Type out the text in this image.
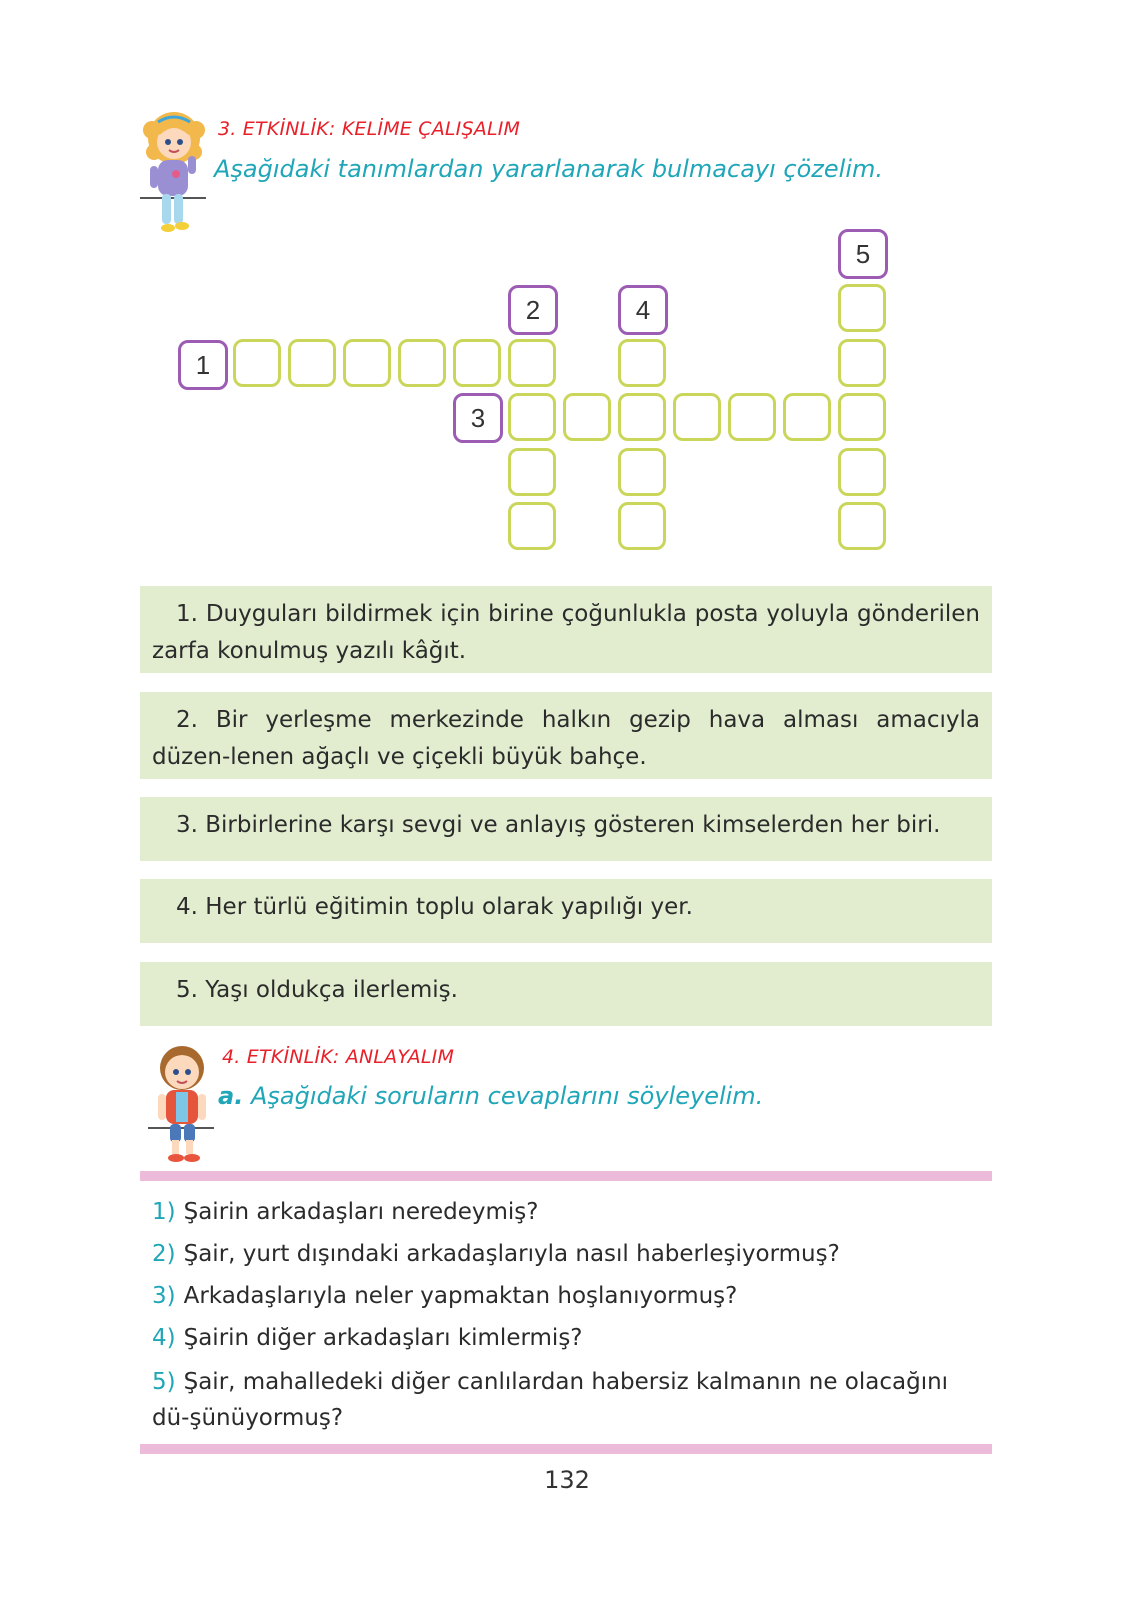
3. ETKİNLİK: KELİME ÇALIŞALIM
Aşağıdaki tanımlardan yararlanarak bulmacayı çözelim.
5
2	4
1
3
1. Duyguları bildirmek için birine çoğunlukla posta yoluyla gönderilen zarfa konulmuş yazılı kâğıt.
2. Bir yerleşme merkezinde halkın gezip hava alması amacıyla düzen-lenen ağaçlı ve çiçekli büyük bahçe.
3. Birbirlerine karşı sevgi ve anlayış gösteren kimselerden her biri.
4. Her türlü eğitimin toplu olarak yapılığı yer.
5. Yaşı oldukça ilerlemiş.
4. ETKİNLİK: ANLAYALIM
a. Aşağıdaki soruların cevaplarını söyleyelim.
1) Şairin arkadaşları neredeymiş?
2) Şair, yurt dışındaki arkadaşlarıyla nasıl haberleşiyormuş?
3) Arkadaşlarıyla neler yapmaktan hoşlanıyormuş?
4) Şairin diğer arkadaşları kimlermiş?
5) Şair, mahalledeki diğer canlılardan habersiz kalmanın ne olacağını dü-şünüyormuş?
132
